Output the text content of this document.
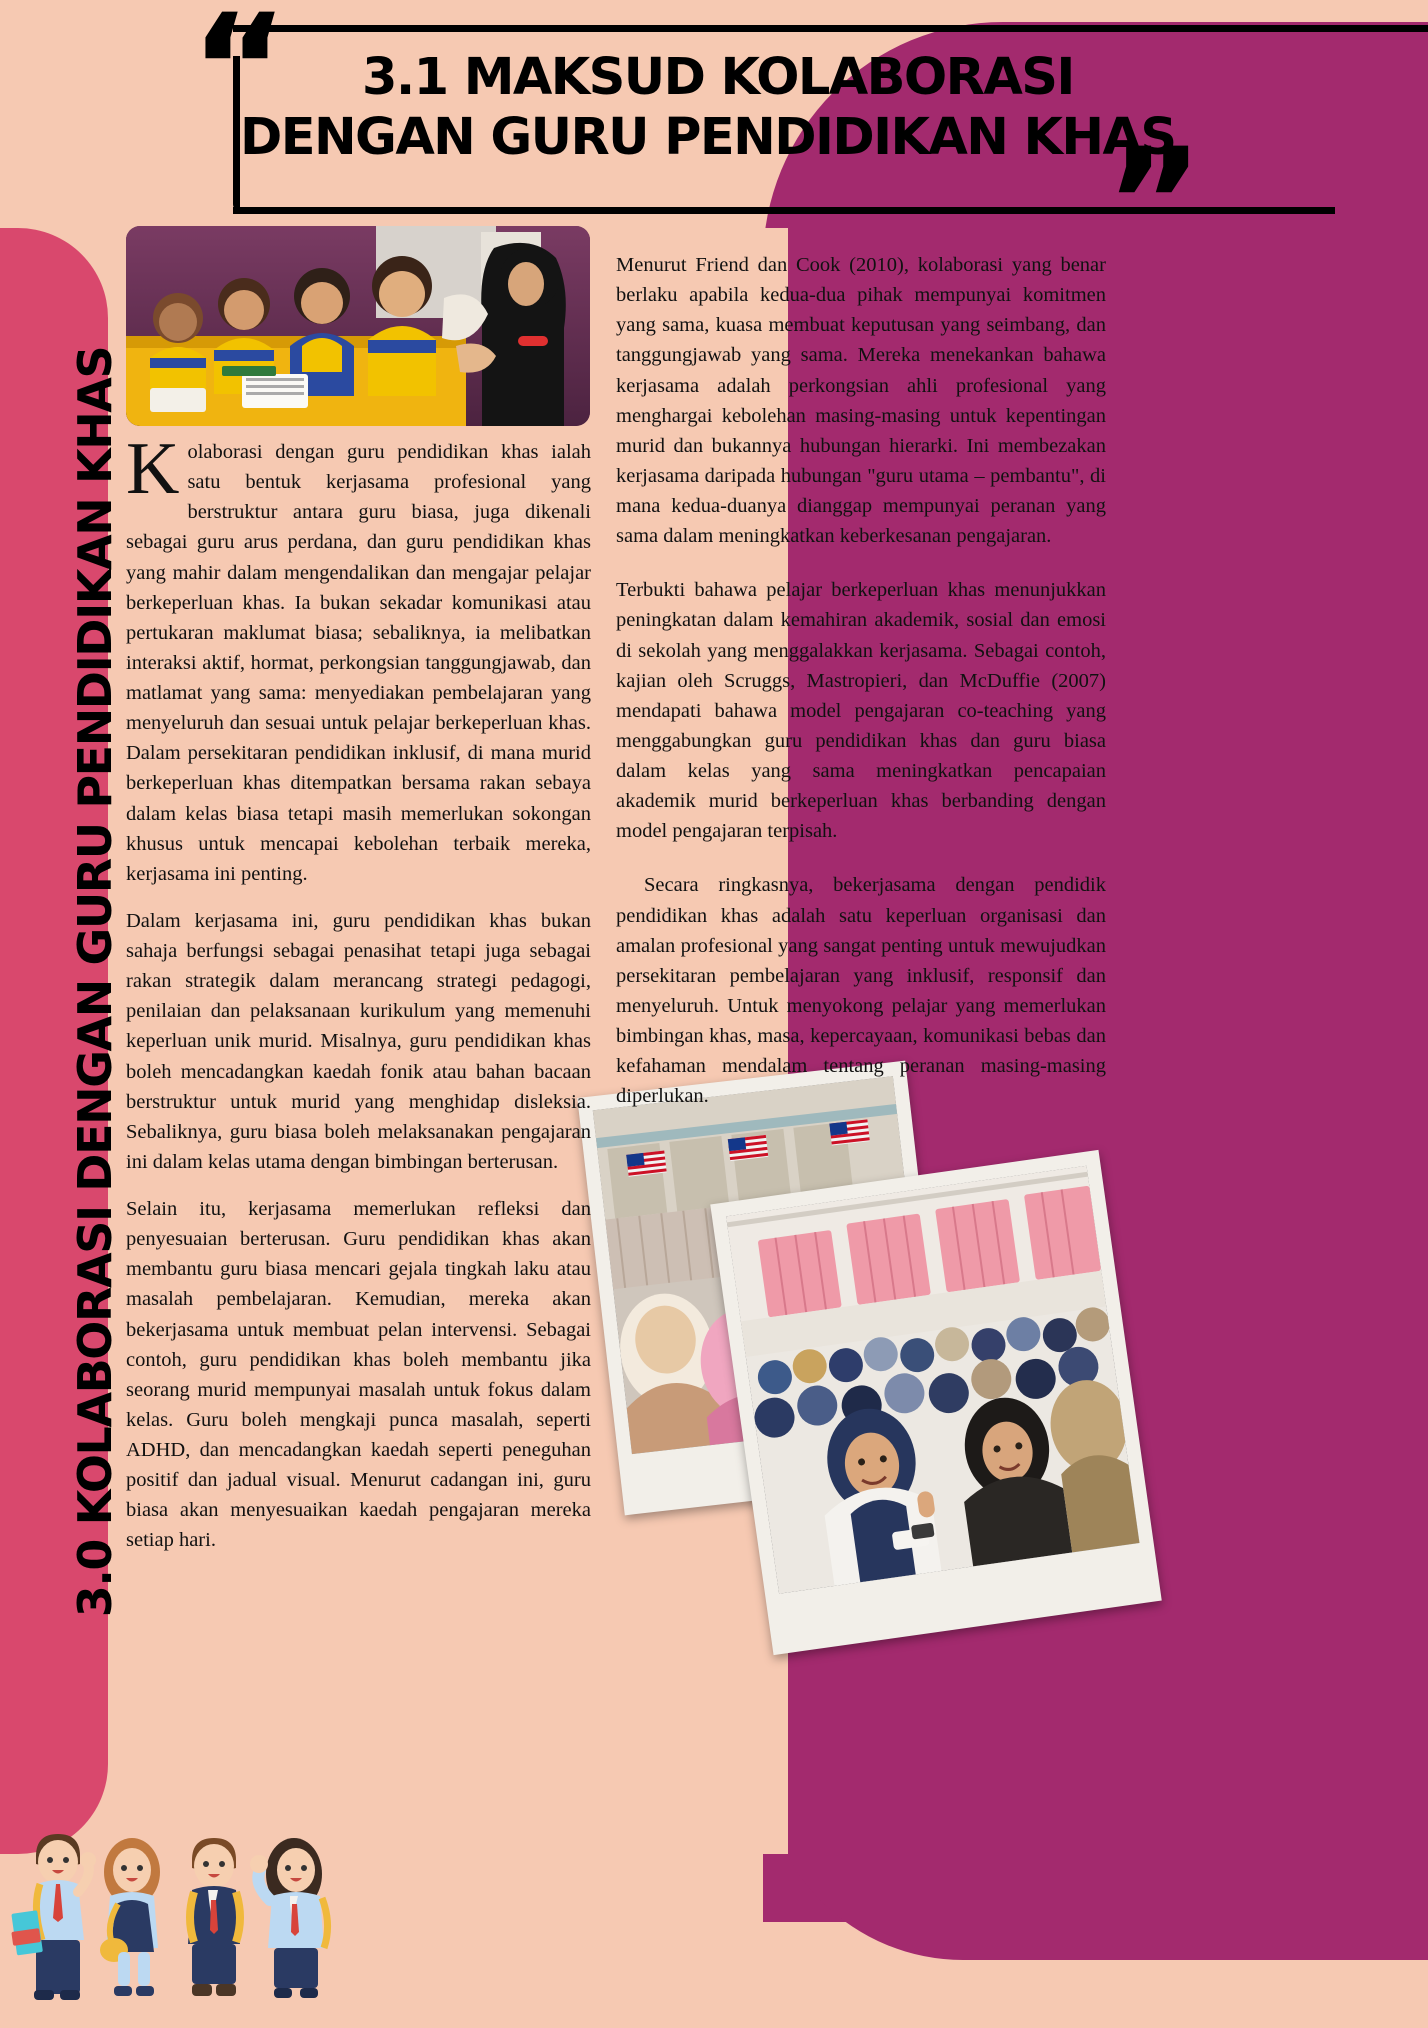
“
”
3.1 MAKSUD KOLABORASI
DENGAN GURU PENDIDIKAN KHAS
3.0 KOLABORASI DENGAN GURU PENDIDIKAN KHAS

Menurut Friend dan Cook (2010), kolaborasi yang benar berlaku apabila kedua-dua pihak mempunyai komitmen yang sama, kuasa membuat keputusan yang seimbang, dan tanggungjawab yang sama. Mereka menekankan bahawa kerjasama adalah perkongsian ahli profesional yang menghargai kebolehan masing-masing untuk kepentingan murid dan bukannya hubungan hierarki. Ini membezakan kerjasama daripada hubungan "guru utama – pembantu", di mana kedua-duanya dianggap mempunyai peranan yang sama dalam meningkatkan keberkesanan pengajaran.

Terbukti bahawa pelajar berkeperluan khas menunjukkan peningkatan dalam kemahiran akademik, sosial dan emosi di sekolah yang menggalakkan kerjasama. Sebagai contoh, kajian oleh Scruggs, Mastropieri, dan McDuffie (2007) mendapati bahawa model pengajaran co-teaching yang menggabungkan guru pendidikan khas dan guru biasa dalam kelas yang sama meningkatkan pencapaian akademik murid berkeperluan khas berbanding dengan model pengajaran terpisah.

Secara ringkasnya, bekerjasama dengan pendidik pendidikan khas adalah satu keperluan organisasi dan amalan profesional yang sangat penting untuk mewujudkan persekitaran pembelajaran yang inklusif, responsif dan menyeluruh. Untuk menyokong pelajar yang memerlukan bimbingan khas, masa, kepercayaan, komunikasi bebas dan kefahaman mendalam tentang peranan masing-masing diperlukan.

Kolaborasi dengan guru pendidikan khas ialah satu bentuk kerjasama profesional yang berstruktur antara guru biasa, juga dikenali sebagai guru arus perdana, dan guru pendidikan khas yang mahir dalam mengendalikan dan mengajar pelajar berkeperluan khas. Ia bukan sekadar komunikasi atau pertukaran maklumat biasa; sebaliknya, ia melibatkan interaksi aktif, hormat, perkongsian tanggungjawab, dan matlamat yang sama: menyediakan pembelajaran yang menyeluruh dan sesuai untuk pelajar berkeperluan khas. Dalam persekitaran pendidikan inklusif, di mana murid berkeperluan khas ditempatkan bersama rakan sebaya dalam kelas biasa tetapi masih memerlukan sokongan khusus untuk mencapai kebolehan terbaik mereka, kerjasama ini penting.

Dalam kerjasama ini, guru pendidikan khas bukan sahaja berfungsi sebagai penasihat tetapi juga sebagai rakan strategik dalam merancang strategi pedagogi, penilaian dan pelaksanaan kurikulum yang memenuhi keperluan unik murid. Misalnya, guru pendidikan khas boleh mencadangkan kaedah fonik atau bahan bacaan berstruktur untuk murid yang menghidap disleksia. Sebaliknya, guru biasa boleh melaksanakan pengajaran ini dalam kelas utama dengan bimbingan berterusan.

Selain itu, kerjasama memerlukan refleksi dan penyesuaian berterusan. Guru pendidikan khas akan membantu guru biasa mencari gejala tingkah laku atau masalah pembelajaran. Kemudian, mereka akan bekerjasama untuk membuat pelan intervensi. Sebagai contoh, guru pendidikan khas boleh membantu jika seorang murid mempunyai masalah untuk fokus dalam kelas. Guru boleh mengkaji punca masalah, seperti ADHD, dan mencadangkan kaedah seperti peneguhan positif dan jadual visual. Menurut cadangan ini, guru biasa akan menyesuaikan kaedah pengajaran mereka setiap hari.
